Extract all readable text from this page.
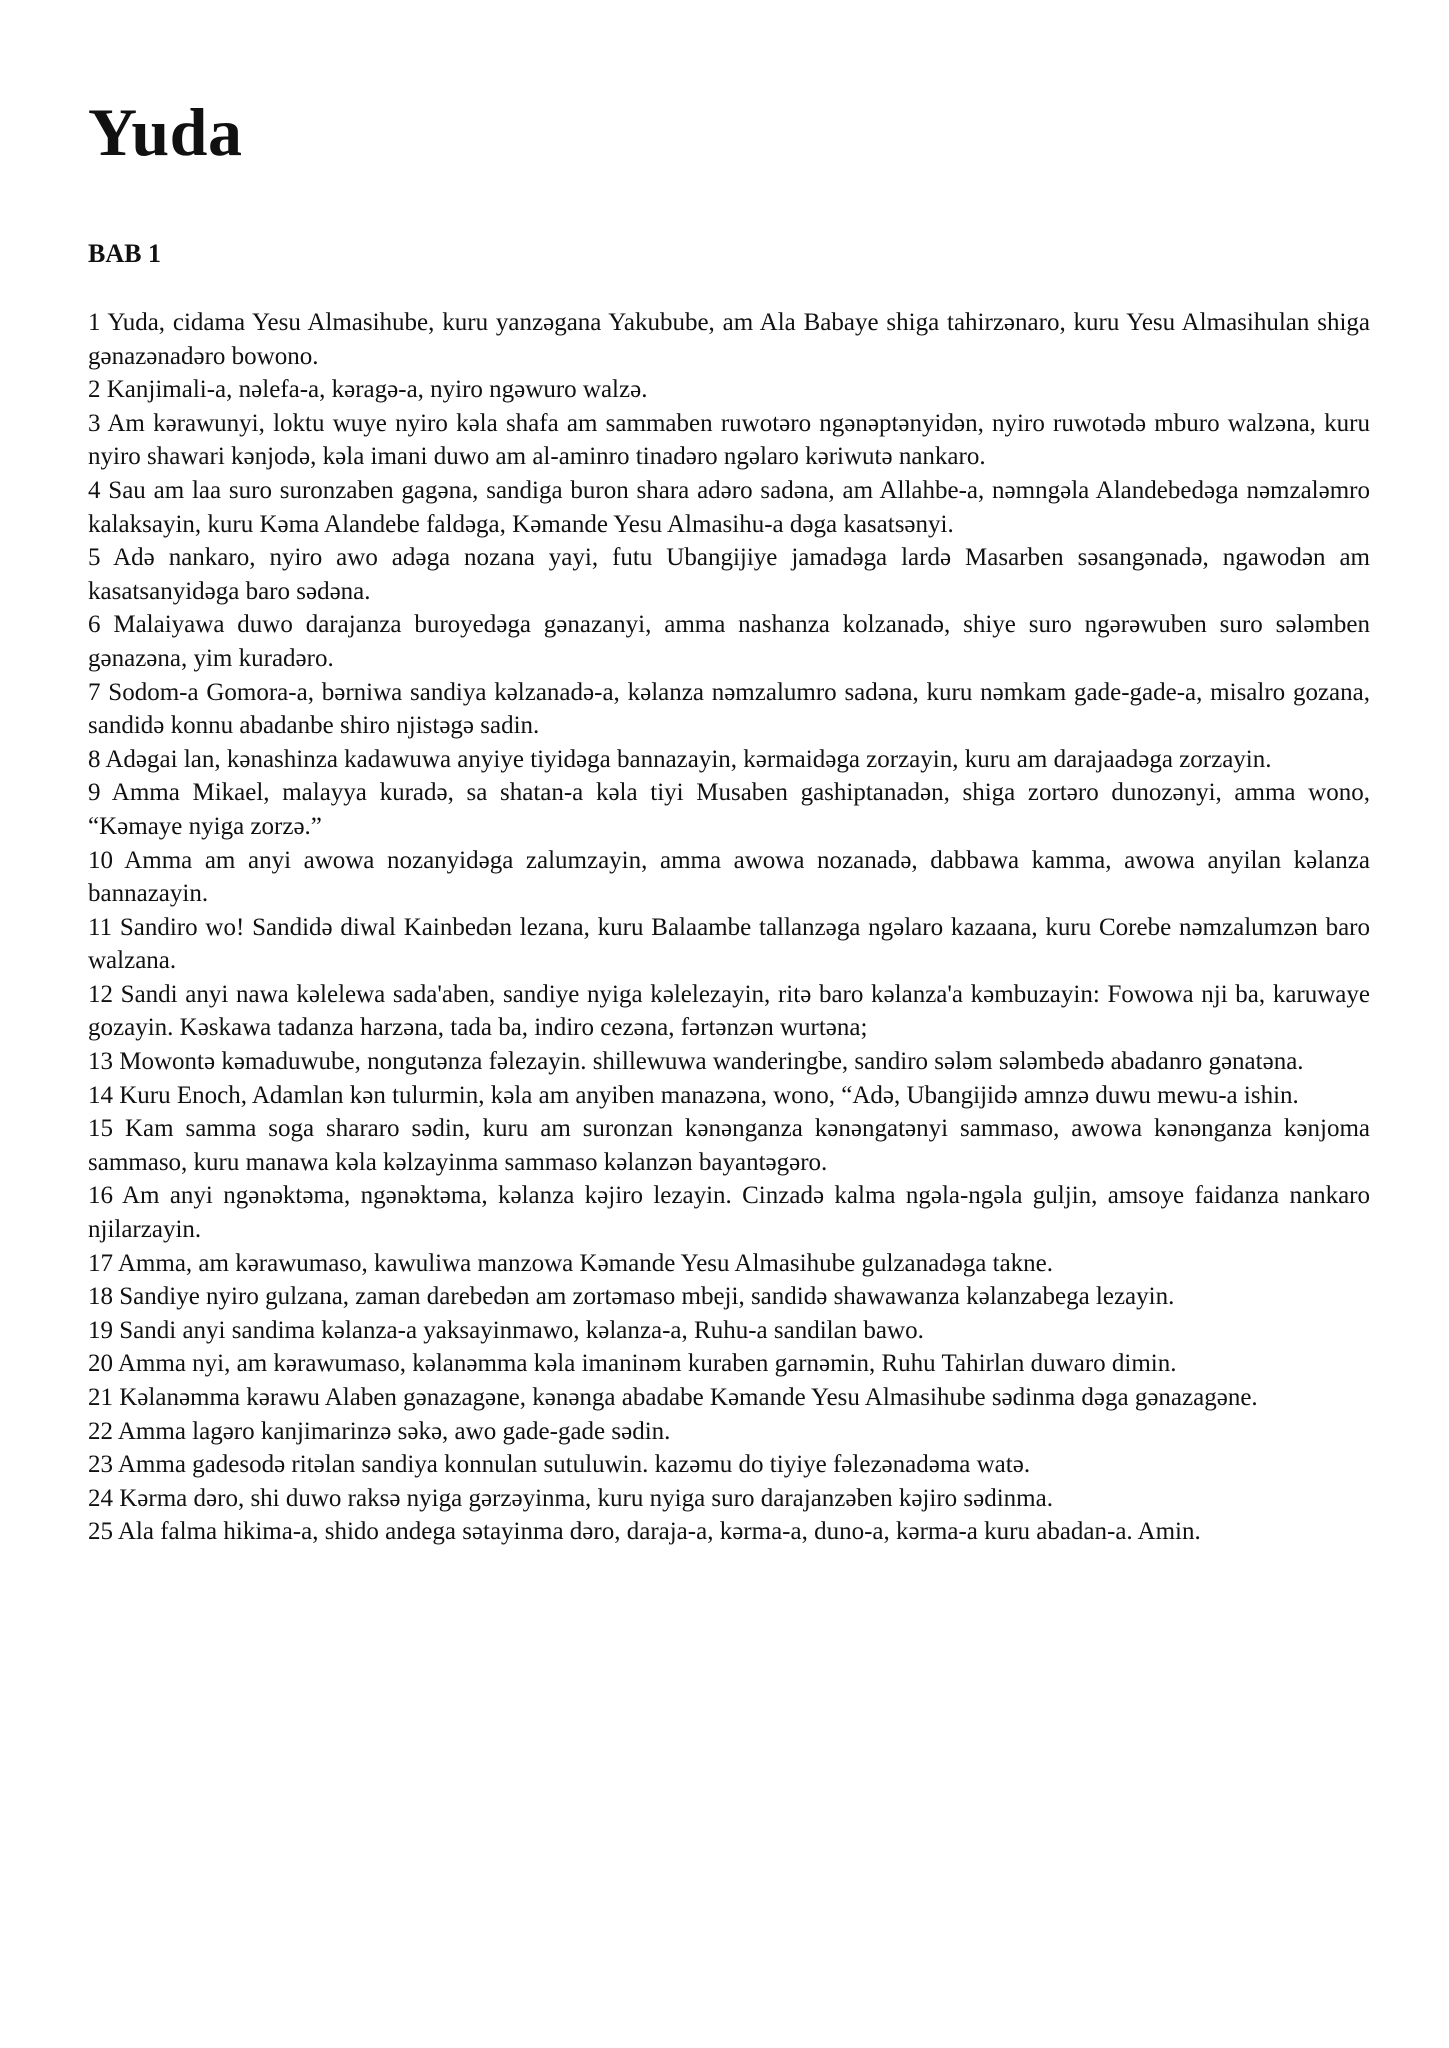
Yuda
BAB 1
1 Yuda, cidama Yesu Almasihube, kuru yanzəgana Yakubube, am Ala Babaye shiga tahirzənaro, kuru Yesu Almasihulan shiga gənazənadəro bowono.
2 Kanjimali-a, nəlefa-a, kəragə-a, nyiro ngəwuro walzə.
3 Am kərawunyi, loktu wuye nyiro kəla shafa am sammaben ruwotəro ngənəptənyidən, nyiro ruwotədə mburo walzəna, kuru nyiro shawari kənjodə, kəla imani duwo am al-aminro tinadəro ngəlaro kəriwutə nankaro.
4 Sau am laa suro suronzaben gagəna, sandiga buron shara adəro sadəna, am Allahbe-a, nəmngəla Alandebedəga nəmzaləmro kalaksayin, kuru Kəma Alandebe faldəga, Kəmande Yesu Almasihu-a dəga kasatsənyi.
5 Adə nankaro, nyiro awo adəga nozana yayi, futu Ubangijiye jamadəga lardə Masarben səsangənadə, ngawodən am kasatsanyidəga baro sədəna.
6 Malaiyawa duwo darajanza buroyedəga gənazanyi, amma nashanza kolzanadə, shiye suro ngərəwuben suro sələmben gənazəna, yim kuradəro.
7 Sodom-a Gomora-a, bərniwa sandiya kəlzanadə-a, kəlanza nəmzalumro sadəna, kuru nəmkam gade-gade-a, misalro gozana, sandidə konnu abadanbe shiro njistəgə sadin.
8 Adəgai lan, kənashinza kadawuwa anyiye tiyidəga bannazayin, kərmaidəga zorzayin, kuru am darajaadəga zorzayin.
9 Amma Mikael, malayya kuradə, sa shatan-a kəla tiyi Musaben gashiptanadən, shiga zortəro dunozənyi, amma wono, “Kəmaye nyiga zorzə.”
10 Amma am anyi awowa nozanyidəga zalumzayin, amma awowa nozanadə, dabbawa kamma, awowa anyilan kəlanza bannazayin.
11 Sandiro wo! Sandidə diwal Kainbedən lezana, kuru Balaambe tallanzəga ngəlaro kazaana, kuru Corebe nəmzalumzən baro walzana.
12 Sandi anyi nawa kəlelewa sada'aben, sandiye nyiga kəlelezayin, ritə baro kəlanza'a kəmbuzayin: Fowowa nji ba, karuwaye gozayin. Kəskawa tadanza harzəna, tada ba, indiro cezəna, fərtənzən wurtəna;
13 Mowontə kəmaduwube, nongutənza fəlezayin. shillewuwa wanderingbe, sandiro sələm sələmbedə abadanro gənatəna.
14 Kuru Enoch, Adamlan kən tulurmin, kəla am anyiben manazəna, wono, “Adə, Ubangijidə amnzə duwu mewu-a ishin.
15 Kam samma soga shararo sədin, kuru am suronzan kənənganza kənəngatənyi sammaso, awowa kənənganza kənjoma sammaso, kuru manawa kəla kəlzayinma sammaso kəlanzən bayantəgəro.
16 Am anyi ngənəktəma, ngənəktəma, kəlanza kəjiro lezayin. Cinzadə kalma ngəla-ngəla guljin, amsoye faidanza nankaro njilarzayin.
17 Amma, am kərawumaso, kawuliwa manzowa Kəmande Yesu Almasihube gulzanadəga takne.
18 Sandiye nyiro gulzana, zaman darebedən am zortəmaso mbeji, sandidə shawawanza kəlanzabega lezayin.
19 Sandi anyi sandima kəlanza-a yaksayinmawo, kəlanza-a, Ruhu-a sandilan bawo.
20 Amma nyi, am kərawumaso, kəlanəmma kəla imaninəm kuraben garnəmin, Ruhu Tahirlan duwaro dimin.
21 Kəlanəmma kərawu Alaben gənazagəne, kənənga abadabe Kəmande Yesu Almasihube sədinma dəga gənazagəne.
22 Amma lagəro kanjimarinzə səkə, awo gade-gade sədin.
23 Amma gadesodə ritəlan sandiya konnulan sutuluwin. kazəmu do tiyiye fəlezənadəma watə.
24 Kərma dəro, shi duwo raksə nyiga gərzəyinma, kuru nyiga suro darajanzəben kəjiro sədinma.
25 Ala falma hikima-a, shido andega sətayinma dəro, daraja-a, kərma-a, duno-a, kərma-a kuru abadan-a. Amin.
